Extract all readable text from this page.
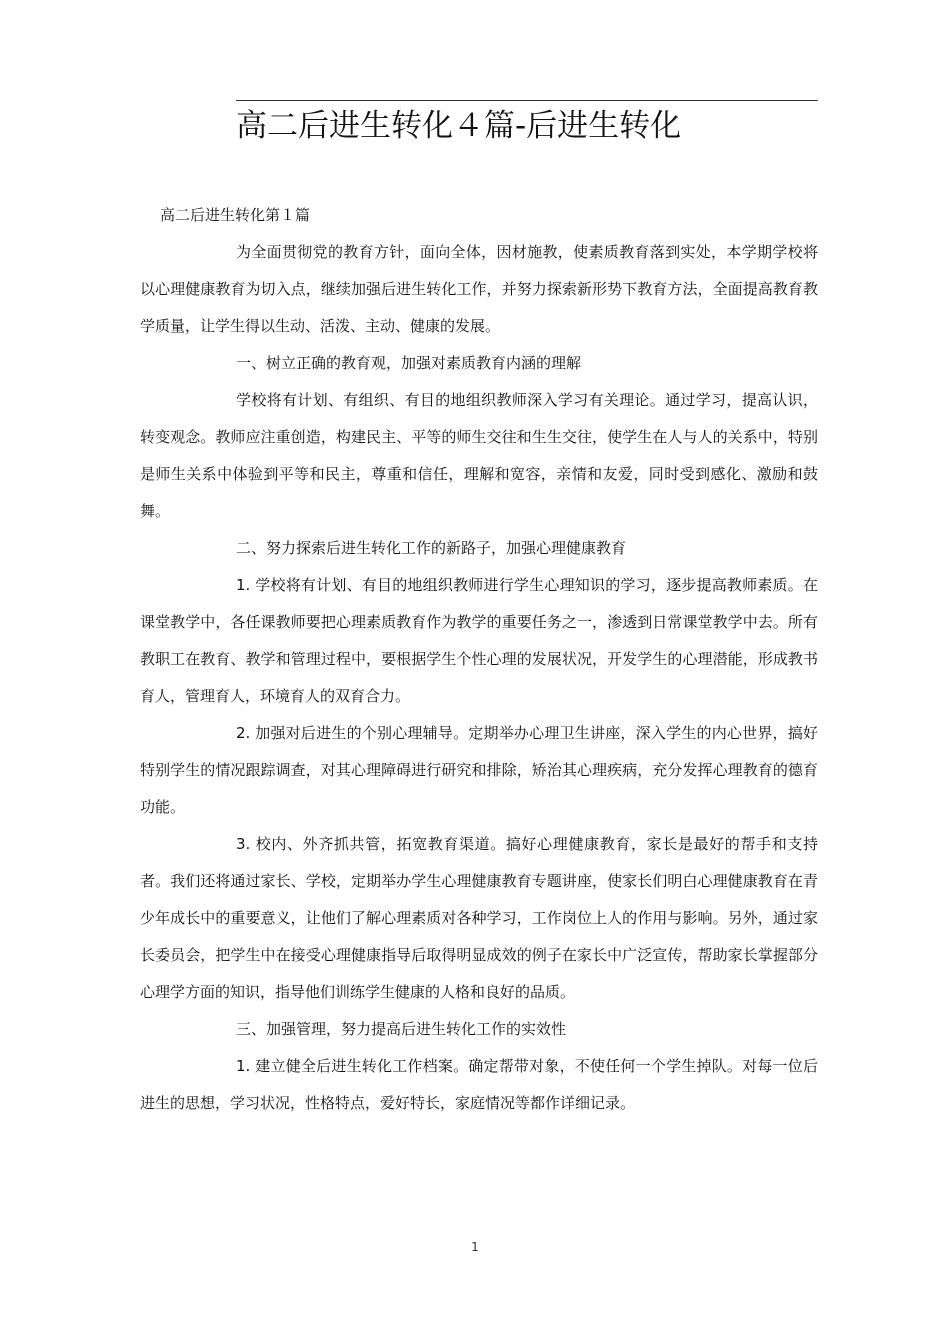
高二后进生转化４篇-后进生转化

高二后进生转化第１篇

为全面贯彻党的教育方针，面向全体，因材施教，使素质教育落到实处，本学期学校将以心理健康教育为切入点，继续加强后进生转化工作，并努力探索新形势下教育方法，全面提高教育教学质量，让学生得以生动、活泼、主动、健康的发展。

一、树立正确的教育观，加强对素质教育内涵的理解

学校将有计划、有组织、有目的地组织教师深入学习有关理论。通过学习，提高认识，转变观念。教师应注重创造，构建民主、平等的师生交往和生生交往，使学生在人与人的关系中，特别是师生关系中体验到平等和民主，尊重和信任，理解和宽容，亲情和友爱，同时受到感化、激励和鼓舞。

二、努力探索后进生转化工作的新路子，加强心理健康教育

1. 学校将有计划、有目的地组织教师进行学生心理知识的学习，逐步提高教师素质。在课堂教学中，各任课教师要把心理素质教育作为教学的重要任务之一，渗透到日常课堂教学中去。所有教职工在教育、教学和管理过程中，要根据学生个性心理的发展状况，开发学生的心理潜能，形成教书育人，管理育人，环境育人的双育合力。

2. 加强对后进生的个别心理辅导。定期举办心理卫生讲座，深入学生的内心世界，搞好特别学生的情况跟踪调查，对其心理障碍进行研究和排除，矫治其心理疾病，充分发挥心理教育的德育功能。

3. 校内、外齐抓共管，拓宽教育渠道。搞好心理健康教育，家长是最好的帮手和支持者。我们还将通过家长、学校，定期举办学生心理健康教育专题讲座，使家长们明白心理健康教育在青少年成长中的重要意义，让他们了解心理素质对各种学习，工作岗位上人的作用与影响。另外，通过家长委员会，把学生中在接受心理健康指导后取得明显成效的例子在家长中广泛宣传，帮助家长掌握部分心理学方面的知识，指导他们训练学生健康的人格和良好的品质。

三、加强管理，努力提高后进生转化工作的实效性

1. 建立健全后进生转化工作档案。确定帮带对象，不使任何一个学生掉队。对每一位后进生的思想，学习状况，性格特点，爱好特长，家庭情况等都作详细记录。

1
